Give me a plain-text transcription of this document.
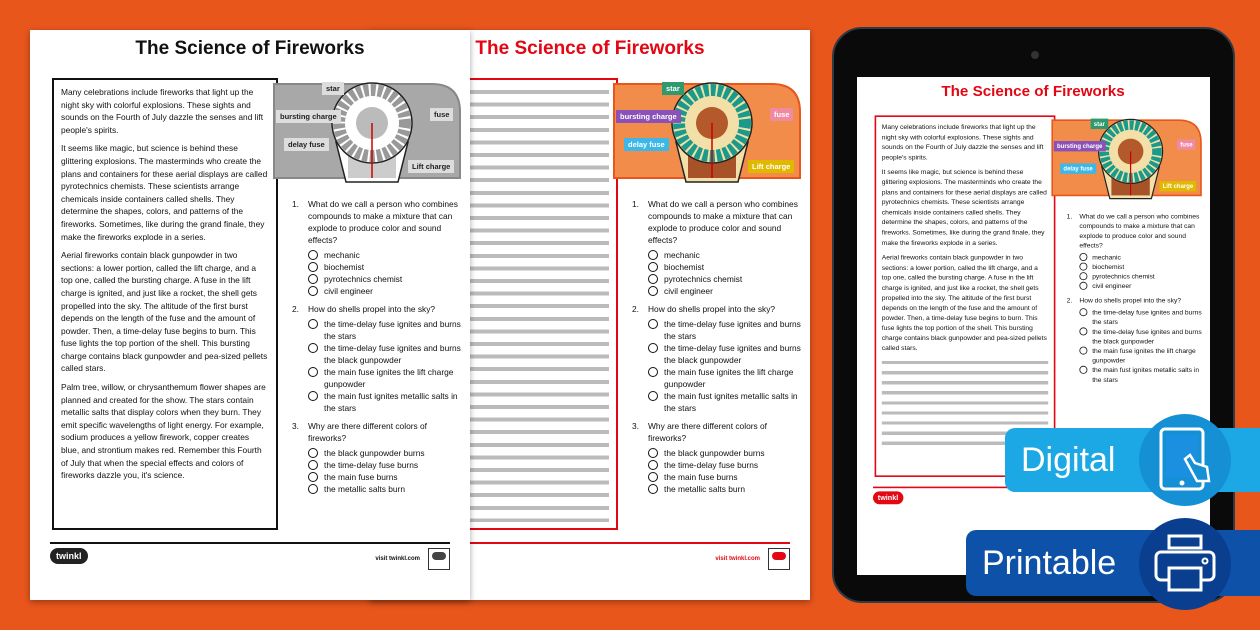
The Science of Fireworks
star
bursting charge
delay fuse
fuse
Lift charge
1.	What do we call a person who combines compounds to make a mixture that can explode to produce color and sound effects?
mechanic
biochemist
pyrotechnics chemist
civil engineer
2.	How do shells propel into the sky?
the time-delay fuse ignites and burns the stars
the time-delay fuse ignites and burns the black gunpowder
the main fuse ignites the lift charge gunpowder
the main fust ignites metallic salts in the stars
3.	Why are there different colors of fireworks?
the black gunpowder burns
the time-delay fuse burns
the main fuse burns
the metallic salts burn
visit twinkl.com
The Science of Fireworks

Many celebrations include fireworks that light up the night sky with colorful explosions. These sights and sounds on the Fourth of July dazzle the senses and lift people's spirits.

It seems like magic, but science is behind these glittering explosions. The masterminds who create the plans and containers for these aerial displays are called pyrotechnics chemists. These scientists arrange chemicals inside containers called shells. They determine the shapes, colors, and patterns of the fireworks. Sometimes, like during the grand finale, they make the fireworks explode in a series.

Aerial fireworks contain black gunpowder in two sections: a lower portion, called the lift charge, and a top one, called the bursting charge. A fuse in the lift charge is ignited, and just like a rocket, the shell gets propelled into the sky. The altitude of the first burst depends on the length of the fuse and the amount of powder. Then, a time-delay fuse begins to burn. This fuse lights the top portion of the shell. This bursting charge contains black gunpowder and pea-sized pellets called stars.

Palm tree, willow, or chrysanthemum flower shapes are planned and created for the show. The stars contain metallic salts that display colors when they burn. They emit specific wavelengths of light energy. For example, sodium produces a yellow firework, copper creates blue, and strontium makes red. Remember this Fourth of July that when the special effects and colors of fireworks dazzle you, it's science.

star
bursting charge
delay fuse
fuse
Lift charge
1.	What do we call a person who combines compounds to make a mixture that can explode to produce color and sound effects?
mechanic
biochemist
pyrotechnics chemist
civil engineer
2.	How do shells propel into the sky?
the time-delay fuse ignites and burns the stars
the time-delay fuse ignites and burns the black gunpowder
the main fuse ignites the lift charge gunpowder
the main fust ignites metallic salts in the stars
3.	Why are there different colors of fireworks?
the black gunpowder burns
the time-delay fuse burns
the main fuse burns
the metallic salts burn
twinkl	visit twinkl.com
The Science of Fireworks

Many celebrations include fireworks that light up the night sky with colorful explosions. These sights and sounds on the Fourth of July dazzle the senses and lift people's spirits.

It seems like magic, but science is behind these glittering explosions. The masterminds who create the plans and containers for these aerial displays are called pyrotechnics chemists. These scientists arrange chemicals inside containers called shells. They determine the shapes, colors, and patterns of the fireworks. Sometimes, like during the grand finale, they make the fireworks explode in a series.

Aerial fireworks contain black gunpowder in two sections: a lower portion, called the lift charge, and a top one, called the bursting charge. A fuse in the lift charge is ignited, and just like a rocket, the shell gets propelled into the sky. The altitude of the first burst depends on the length of the fuse and the amount of powder. Then, a time-delay fuse begins to burn. This fuse lights the top portion of the shell. This bursting charge contains black gunpowder and pea-sized pellets called stars.

star
bursting charge
delay fuse
fuse
Lift charge
1. What do we call a person who combines compounds to make a mixture that can explode to produce color and sound effects?
mechanic
biochemist
pyrotechnics chemist
civil engineer
2. How do shells propel into the sky?
the time-delay fuse ignites and burns the stars
the time-delay fuse ignites and burns the black gunpowder
the main fuse ignites the lift charge gunpowder
the main fust ignites metallic salts in the stars
twinkl
Digital
Printable
